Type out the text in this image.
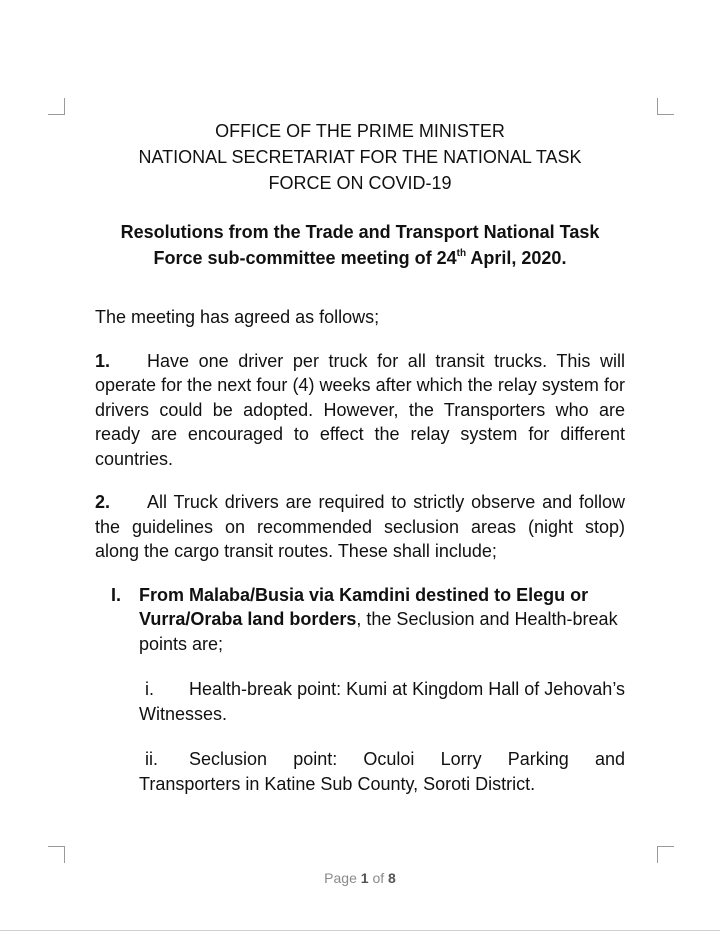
OFFICE OF THE PRIME MINISTER

NATIONAL SECRETARIAT FOR THE NATIONAL TASK

FORCE ON COVID-19

Resolutions from the Trade and Transport National Task

Force sub-committee meeting of 24th April, 2020.

The meeting has agreed as follows;

1. Have one driver per truck for all transit trucks. This will operate for the next four (4) weeks after which the relay system for drivers could be adopted. However, the Transporters who are ready are encouraged to effect the relay system for different countries.

2. All Truck drivers are required to strictly observe and follow the guidelines on recommended seclusion areas (night stop) along the cargo transit routes. These shall include;

I. From Malaba/Busia via Kamdini destined to Elegu or Vurra/Oraba land borders, the Seclusion and Health-break points are;

i. Health-break point: Kumi at Kingdom Hall of Jehovah’s Witnesses.

ii. Seclusion point: Oculoi Lorry Parking and Transporters in Katine Sub County, Soroti District.

Page 1 of 8
